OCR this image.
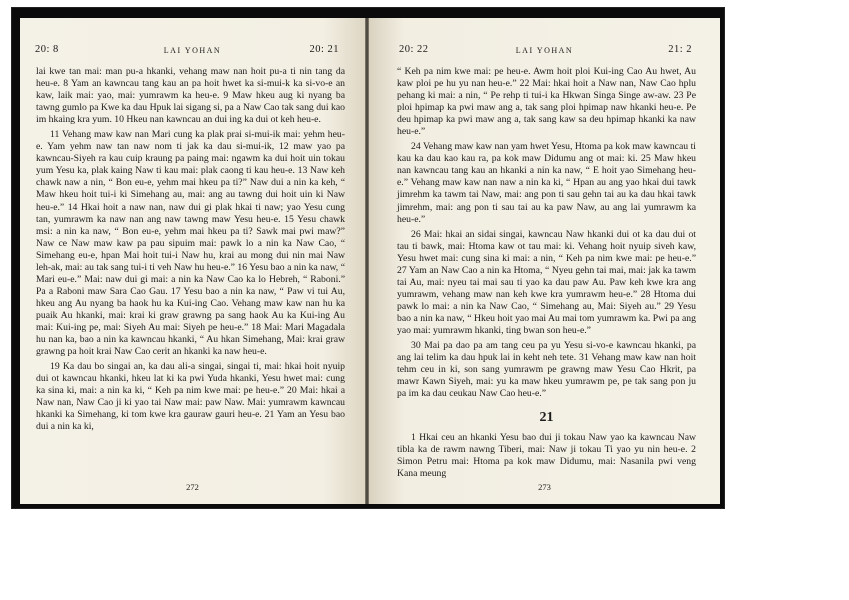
20: 8	LAI YOHAN	20: 21

lai kwe tan mai: man pu-a hkanki, vehang maw nan hoit pu-a ti nin tang da heu-e. 8 Yam an kawncau tang kau an pa hoit hwet ka si-mui-k ka si-vo-e an kaw, laik mai: yao, mai: yumrawm ka heu-e. 9 Maw hkeu aug ki nyang ba tawng gumlo pa Kwe ka dau Hpuk lai sigang si, pa a Naw Cao tak sang dui kao im hkaing kra yum. 10 Hkeu nan kawncau an dui ing ka dui ot keh heu-e.

11 Vehang maw kaw nan Mari cung ka plak prai si-mui-ik mai: yehm heu-e. Yam yehm naw tan naw nom ti jak ka dau si-mui-ik, 12 maw yao pa kawncau-Siyeh ra kau cuip kraung pa paing mai: ngawm ka dui hoit uin tokau yum Yesu ka, plak kaing Naw ti kau mai: plak caong ti kau heu-e. 13 Naw keh chawk naw a nin, “ Bon eu-e, yehm mai hkeu pa ti?” Naw dui a nin ka keh, “ Maw hkeu hoit tui-i ki Simehang au, mai: ang au tawng dui hoit uin ki Naw heu-e.” 14 Hkai hoit a naw nan, naw dui gi plak hkai ti naw; yao Yesu cung tan, yumrawm ka naw nan ang naw tawng maw Yesu heu-e. 15 Yesu chawk msi: a nin ka naw, “ Bon eu-e, yehm mai hkeu pa ti? Sawk mai pwi maw?” Naw ce Naw maw kaw pa pau sipuim mai: pawk lo a nin ka Naw Cao, “ Simehang eu-e, hpan Mai hoit tui-i Naw hu, krai au mong dui nin mai Naw leh-ak, mai: au tak sang tui-i ti veh Naw hu heu-e.” 16 Yesu bao a nin ka naw, “ Mari eu-e.” Mai: naw dui gi mai: a nin ka Naw Cao ka lo Hebreh, “ Raboni.” Pa a Raboni maw Sara Cao Gau. 17 Yesu bao a nin ka naw, “ Paw vi tui Au, hkeu ang Au nyang ba haok hu ka Kui-ing Cao. Vehang maw kaw nan hu ka puaik Au hkanki, mai: krai ki graw grawng pa sang haok Au ka Kui-ing Au mai: Kui-ing pe, mai: Siyeh Au mai: Siyeh pe heu-e.” 18 Mai: Mari Magadala hu nan ka, bao a nin ka kawncau hkanki, “ Au hkan Simehang, Mai: krai graw grawng pa hoit krai Naw Cao cerit an hkanki ka naw heu-e.

19 Ka dau bo singai an, ka dau ali-a singai, singai ti, mai: hkai hoit nyuip dui ot kawncau hkanki, hkeu lat ki ka pwi Yuda hkanki, Yesu hwet mai: cung ka sina ki, mai: a nin ka ki, “ Keh pa nim kwe mai: pe heu-e.” 20 Mai: hkai a Naw nan, Naw Cao ji ki yao tai Naw mai: paw Naw. Mai: yumrawm kawncau hkanki ka Simehang, ki tom kwe kra gauraw gauri heu-e. 21 Yam an Yesu bao dui a nin ka ki,

272
20: 22	LAI YOHAN	21: 2

“ Keh pa nim kwe mai: pe heu-e. Awm hoit ploi Kui-ing Cao Au hwet, Au kaw ploi pe hu yu nan heu-e.” 22 Mai: hkai hoit a Naw nan, Naw Cao hplu pehang ki mai: a nin, “ Pe rehp ti tui-i ka Hkwan Singa Singe aw-aw. 23 Pe ploi hpimap ka pwi maw ang a, tak sang ploi hpimap naw hkanki heu-e. Pe deu hpimap ka pwi maw ang a, tak sang kaw sa deu hpimap hkanki ka naw heu-e.”

24 Vehang maw kaw nan yam hwet Yesu, Htoma pa kok maw kawncau ti kau ka dau kao kau ra, pa kok maw Didumu ang ot mai: ki. 25 Maw hkeu nan kawncau tang kau an hkanki a nin ka naw, “ E hoit yao Simehang heu-e.” Vehang maw kaw nan naw a nin ka ki, “ Hpan au ang yao hkai dui tawk jimrehm ka tawm tai Naw, mai: ang pon ti sau gehn tai au ka dau hkai tawk jimrehm, mai: ang pon ti sau tai au ka paw Naw, au ang lai yumrawm ka heu-e.”

26 Mai: hkai an sidai singai, kawncau Naw hkanki dui ot ka dau dui ot tau ti bawk, mai: Htoma kaw ot tau mai: ki. Vehang hoit nyuip siveh kaw, Yesu hwet mai: cung sina ki mai: a nin, “ Keh pa nim kwe mai: pe heu-e.” 27 Yam an Naw Cao a nin ka Htoma, “ Nyeu gehn tai mai, mai: jak ka tawm tai Au, mai: nyeu tai mai sau ti yao ka dau paw Au. Paw keh kwe kra ang yumrawm, vehang maw nan keh kwe kra yumrawm heu-e.” 28 Htoma dui pawk lo mai: a nin ka Naw Cao, “ Simehang au, Mai: Siyeh au.” 29 Yesu bao a nin ka naw, “ Hkeu hoit yao mai Au mai tom yumrawm ka. Pwi pa ang yao mai: yumrawm hkanki, ting bwan son heu-e.”

30 Mai pa dao pa am tang ceu pa yu Yesu si-vo-e kawncau hkanki, pa ang lai telim ka dau hpuk lai in keht neh tete. 31 Vehang maw kaw nan hoit tehm ceu in ki, son sang yumrawm pe grawng maw Yesu Cao Hkrit, pa mawr Kawn Siyeh, mai: yu ka maw hkeu yumrawm pe, pe tak sang pon ju pa im ka dau ceukau Naw Cao heu-e.”

21

1 Hkai ceu an hkanki Yesu bao dui ji tokau Naw yao ka kawncau Naw tibla ka de rawm nawng Tiberi, mai: Naw ji tokau Ti yao yu nin heu-e. 2 Simon Petru mai: Htoma pa kok maw Didumu, mai: Nasanila pwi veng Kana meung

273
